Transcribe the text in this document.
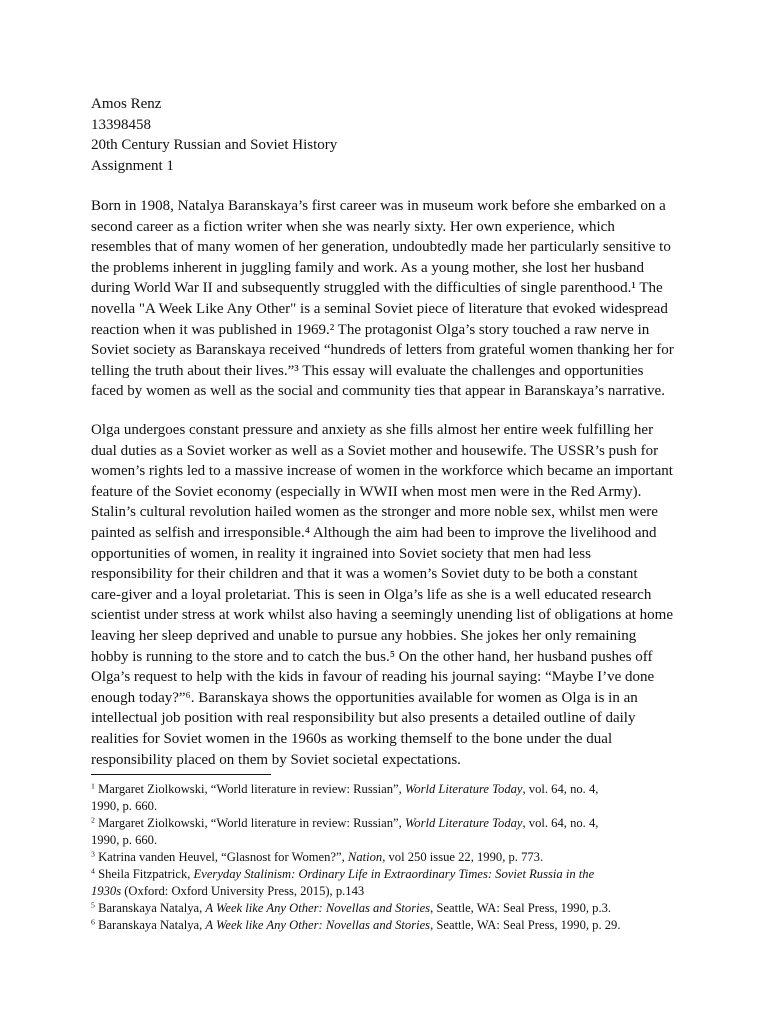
Amos Renz
13398458
20th Century Russian and Soviet History
Assignment 1
Born in 1908, Natalya Baranskaya’s first career was in museum work before she embarked on a
second career as a fiction writer when she was nearly sixty. Her own experience, which
resembles that of many women of her generation, undoubtedly made her particularly sensitive to
the problems inherent in juggling family and work. As a young mother, she lost her husband
during World War II and subsequently struggled with the difficulties of single parenthood.¹ The
novella "A Week Like Any Other" is a seminal Soviet piece of literature that evoked widespread
reaction when it was published in 1969.² The protagonist Olga’s story touched a raw nerve in
Soviet society as Baranskaya received “hundreds of letters from grateful women thanking her for
telling the truth about their lives.”³ This essay will evaluate the challenges and opportunities
faced by women as well as the social and community ties that appear in Baranskaya’s narrative.
Olga undergoes constant pressure and anxiety as she fills almost her entire week fulfilling her
dual duties as a Soviet worker as well as a Soviet mother and housewife. The USSR’s push for
women’s rights led to a massive increase of women in the workforce which became an important
feature of the Soviet economy (especially in WWII when most men were in the Red Army).
Stalin’s cultural revolution hailed women as the stronger and more noble sex, whilst men were
painted as selfish and irresponsible.⁴ Although the aim had been to improve the livelihood and
opportunities of women, in reality it ingrained into Soviet society that men had less
responsibility for their children and that it was a women’s Soviet duty to be both a constant
care-giver and a loyal proletariat. This is seen in Olga’s life as she is a well educated research
scientist under stress at work whilst also having a seemingly unending list of obligations at home
leaving her sleep deprived and unable to pursue any hobbies. She jokes her only remaining
hobby is running to the store and to catch the bus.⁵ On the other hand, her husband pushes off
Olga’s request to help with the kids in favour of reading his journal saying: “Maybe I’ve done
enough today?”⁶. Baranskaya shows the opportunities available for women as Olga is in an
intellectual job position with real responsibility but also presents a detailed outline of daily
realities for Soviet women in the 1960s as working themself to the bone under the dual
responsibility placed on them by Soviet societal expectations.
$^1$ Margaret Ziolkowski, “World literature in review: Russian”, World Literature Today, vol. 64, no. 4,
1990, p. 660.
$^2$ Margaret Ziolkowski, “World literature in review: Russian”, World Literature Today, vol. 64, no. 4,
1990, p. 660.
$^3$ Katrina vanden Heuvel, “Glasnost for Women?”, Nation, vol 250 issue 22, 1990, p. 773.
$^4$ Sheila Fitzpatrick, Everyday Stalinism: Ordinary Life in Extraordinary Times: Soviet Russia in the
1930s (Oxford: Oxford University Press, 2015), p.143
$^5$ Baranskaya Natalya, A Week like Any Other: Novellas and Stories, Seattle, WA: Seal Press, 1990, p.3.
$^6$ Baranskaya Natalya, A Week like Any Other: Novellas and Stories, Seattle, WA: Seal Press, 1990, p. 29.
